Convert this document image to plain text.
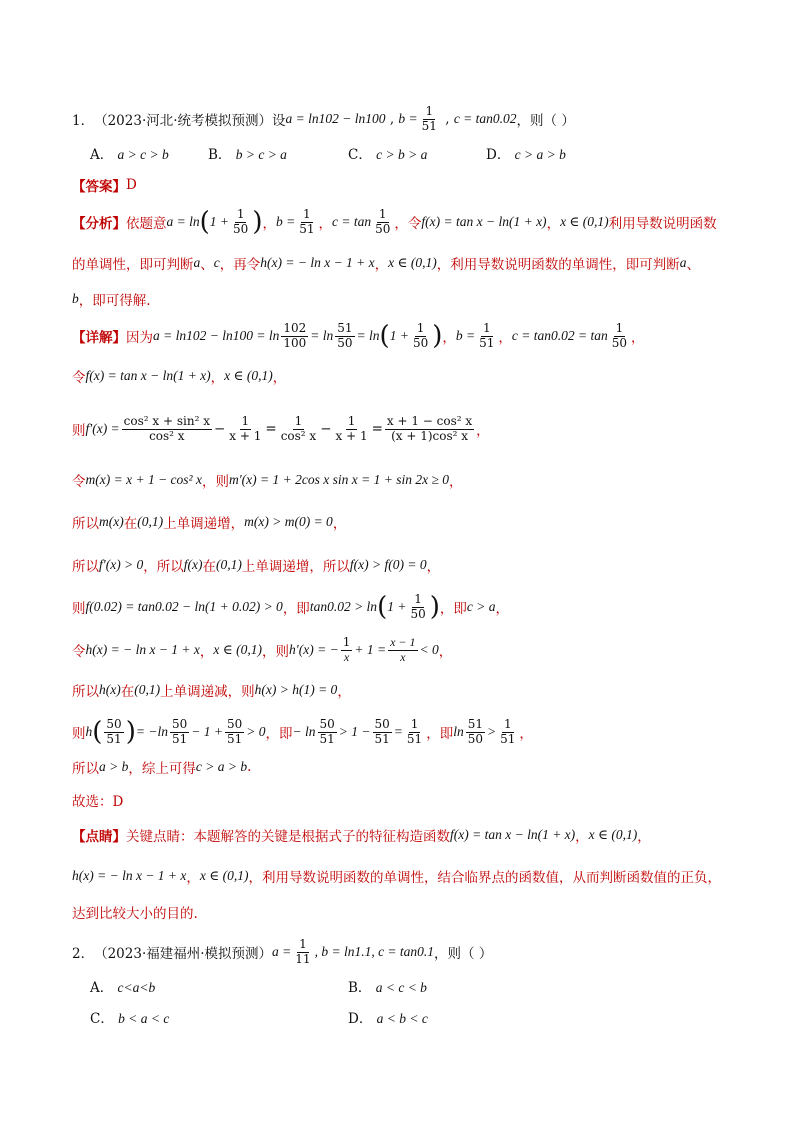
1． （2023·河北·统考模拟预测） 设 a = ln102 − ln100 , $b = \frac{1}{51}$ , c = tan0.02 ，则（ ）
A． a > c > b	B． b > c > a	C． c > b > a	D． c > a > b
【答案】 D
【分析】 依题意 a = ln ( $1 + \frac{1}{50}$ ) ， $b = \frac{1}{51}$ ， $c = \tan \frac{1}{50}$ ，令 f(x) = tan x − ln(1 + x) ， x ∈ (0,1) 利用导数说明函数
的单调性，即可判断 a 、 c ，再令 h(x) = − ln x − 1 + x ， x ∈ (0,1) ，利用导数说明函数的单调性，即可判断 a 、
b ，即可得解.
【详解】 因为 $a = \ln 102 - \ln 100 = \ln \frac{102}{100} = \ln \frac{51}{50} = \ln$ ( $1 + \frac{1}{50}$ ) ， $b = \frac{1}{51}$ ， $c = \tan 0.02 = \tan \frac{1}{50}$ ，
令 f(x) = tan x − ln(1 + x) ， x ∈ (0,1) ，
则 $f'(x) = \frac{\text{cos² x + sin² x}}{\text{cos² x}} - \frac{1}{x + 1} = \frac{1}{\text{cos² x}} - \frac{1}{x + 1} = \frac{\text{x + 1 − cos² x}}{\text{(x + 1)cos² x}}$ ，
令 m(x) = x + 1 − cos² x ，则 m′(x) = 1 + 2cos x sin x = 1 + sin 2x ≥ 0 ，
所以 m(x) 在 (0,1) 上单调递增， m(x) > m(0) = 0 ，
所以 f′(x) > 0 ，所以 f(x) 在 (0,1) 上单调递增，所以 f(x) > f(0) = 0 ，
则 f(0.02) = tan0.02 − ln(1 + 0.02) > 0 ，即 tan0.02 > ln ( $1 + \frac{1}{50}$ ) ，即 c > a ，
令 h(x) = − ln x − 1 + x ， x ∈ (0,1) ，则 h′(x) = − $\frac{1}{x} + 1 = \frac{x - 1}{x} < 0$ ，
所以 h(x) 在 (0,1) 上单调递减，则 h(x) > h(1) = 0 ，
则 h ( $\frac{50}{51}$ ) = $-\ln \frac{50}{51} - 1 + \frac{50}{51} > 0$ ，即 − $\ln \frac{50}{51} > 1 - \frac{50}{51} = \frac{1}{51}$ ，即 $\ln \frac{51}{50} > \frac{1}{51}$ ，
所以 a > b ，综上可得 c > a > b .
故选：D
【点睛】 关键点睛：本题解答的关键是根据式子的特征构造函数 f(x) = tan x − ln(1 + x) ， x ∈ (0,1) ，
h(x) = − ln x − 1 + x ， x ∈ (0,1) ，利用导数说明函数的单调性，结合临界点的函数值，从而判断函数值的正负，
达到比较大小的目的.
2． （2023·福建福州·模拟预测） $a = \frac{1}{11}$ , b = ln1.1, c = tan0.1 ，则（ ）
A． c<a<b	B． a < c < b
C． b < a < c	D． a < b < c
